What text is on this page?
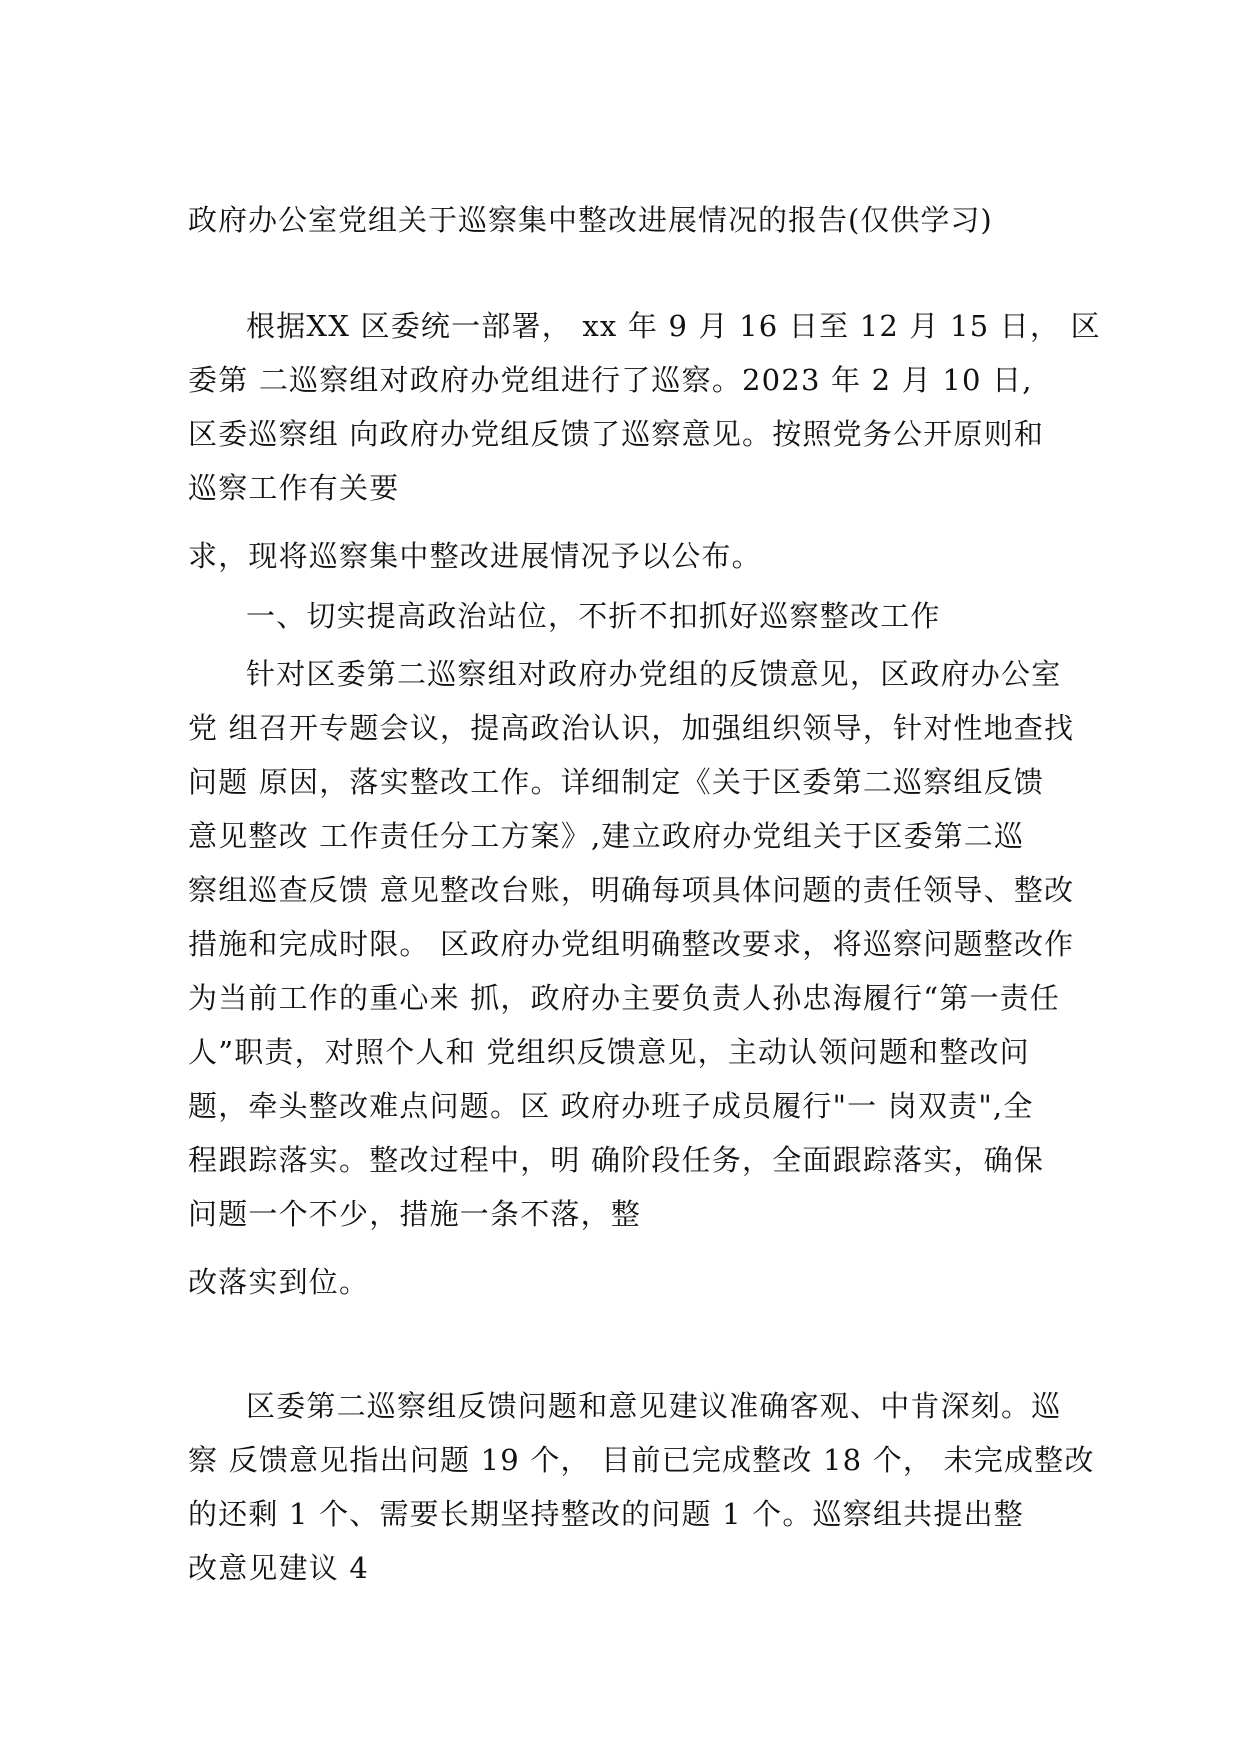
政府办公室党组关于巡察集中整改进展情况的报告(仅供学习)

根据XX 区委统一部署， xx 年 9 月 16 日至 12 月 15 日， 区

委第 二巡察组对政府办党组进行了巡察。2023 年 2 月 10 日,

区委巡察组 向政府办党组反馈了巡察意见。按照党务公开原则和

巡察工作有关要

求，现将巡察集中整改进展情况予以公布。

一、切实提高政治站位，不折不扣抓好巡察整改工作

针对区委第二巡察组对政府办党组的反馈意见，区政府办公室

党 组召开专题会议，提高政治认识，加强组织领导，针对性地查找

问题 原因，落实整改工作。详细制定《关于区委第二巡察组反馈

意见整改 工作责任分工方案》,建立政府办党组关于区委第二巡

察组巡查反馈 意见整改台账，明确每项具体问题的责任领导、整改

措施和完成时限。 区政府办党组明确整改要求，将巡察问题整改作

为当前工作的重心来 抓，政府办主要负责人孙忠海履行“第一责任

人”职责，对照个人和 党组织反馈意见，主动认领问题和整改问

题，牵头整改难点问题。区 政府办班子成员履行"一 岗双责",全

程跟踪落实。整改过程中，明 确阶段任务，全面跟踪落实，确保

问题一个不少，措施一条不落，整

改落实到位。

区委第二巡察组反馈问题和意见建议准确客观、中肯深刻。巡

察 反馈意见指出问题 19 个， 目前已完成整改 18 个， 未完成整改

的还剩 1 个、需要长期坚持整改的问题 1 个。巡察组共提出整

改意见建议 4
